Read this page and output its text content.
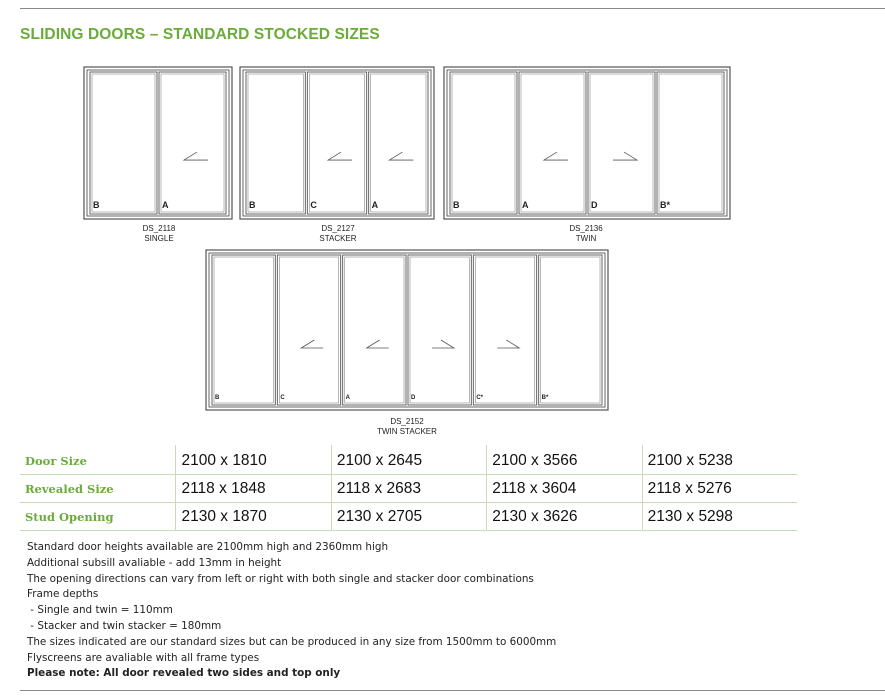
SLIDING DOORS – STANDARD STOCKED SIZES
B	A	B	C	A	B	A	D	B*
B	C	A	D	C*	B*
DS_2118
SINGLE
DS_2127
STACKER
DS_2136
TWIN
DS_2152
TWIN STACKER
Door Size	2100 x 1810	2100 x 2645	2100 x 3566	2100 x 5238
Revealed Size	2118 x 1848	2118 x 2683	2118 x 3604	2118 x 5276
Stud Opening	2130 x 1870	2130 x 2705	2130 x 3626	2130 x 5298
Standard door heights available are 2100mm high and 2360mm high
Additional subsill avaliable - add 13mm in height
The opening directions can vary from left or right with both single and stacker door combinations
Frame depths
- Single and twin = 110mm
- Stacker and twin stacker = 180mm
The sizes indicated are our standard sizes but can be produced in any size from 1500mm to 6000mm
Flyscreens are avaliable with all frame types
Please note: All door revealed two sides and top only
